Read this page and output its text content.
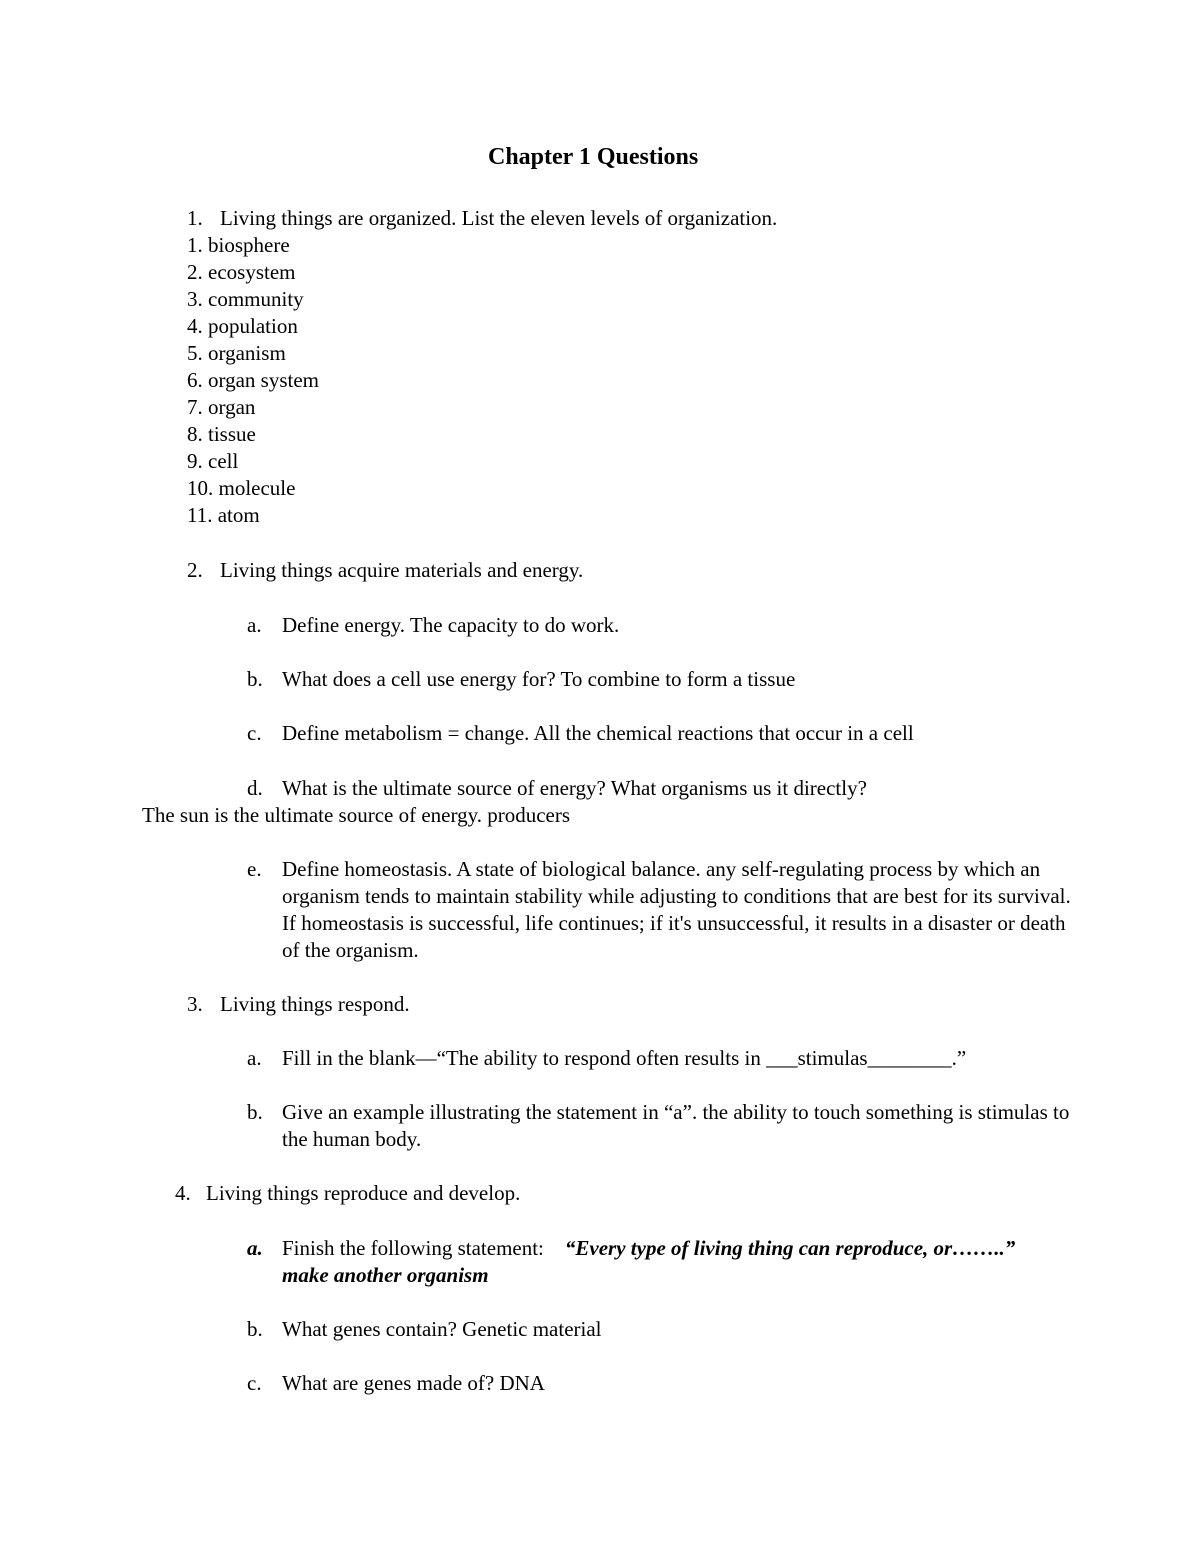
Chapter 1 Questions
1. Living things are organized. List the eleven levels of organization.
1. biosphere
2. ecosystem
3. community
4. population
5. organism
6. organ system
7. organ
8. tissue
9. cell
10. molecule
11. atom
2. Living things acquire materials and energy.
a. Define energy. The capacity to do work.
b. What does a cell use energy for? To combine to form a tissue
c. Define metabolism = change. All the chemical reactions that occur in a cell
d. What is the ultimate source of energy? What organisms us it directly?
The sun is the ultimate source of energy. producers
e. Define homeostasis. A state of biological balance. any self-regulating process by which an organism tends to maintain stability while adjusting to conditions that are best for its survival. If homeostasis is successful, life continues; if it's unsuccessful, it results in a disaster or death of the organism.
3. Living things respond.
a. Fill in the blank—“The ability to respond often results in ___stimulas________.”
b. Give an example illustrating the statement in “a”. the ability to touch something is stimulas to the human body.
4. Living things reproduce and develop.
a. Finish the following statement: “Every type of living thing can reproduce, or……..” make another organism
b. What genes contain? Genetic material
c. What are genes made of? DNA
